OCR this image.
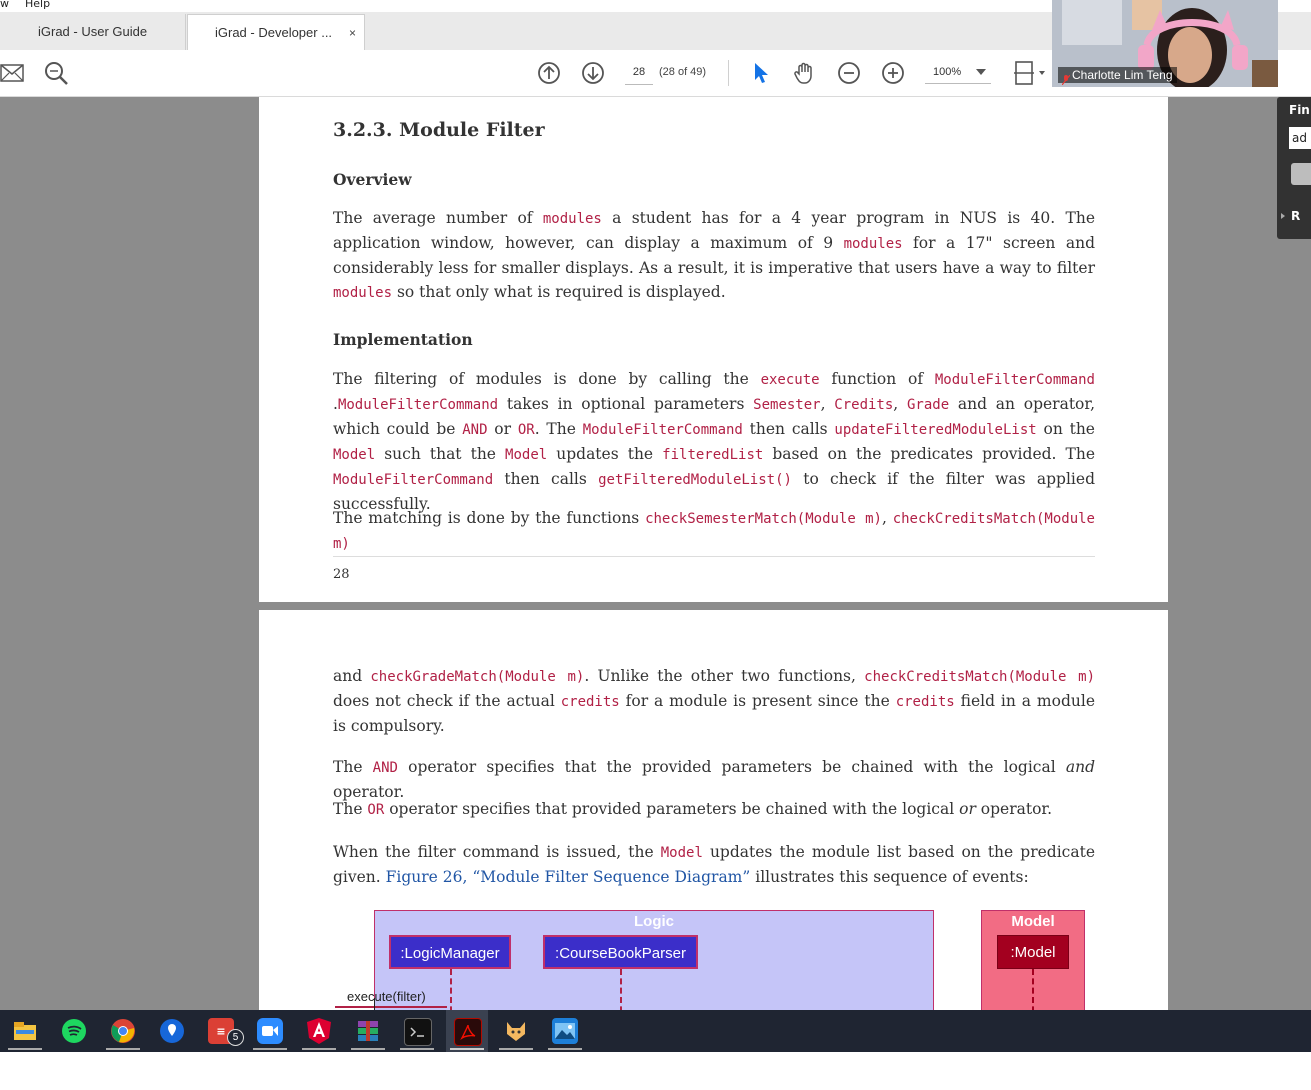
w Help
iGrad - User Guide	iGrad - Developer ... ×
28	(28 of 49)	100%
3.2.3. Module Filter
Overview
The average number of modules a student has for a 4 year program in NUS is 40. The application window, however, can display a maximum of 9 modules for a 17" screen and considerably less for smaller displays. As a result, it is imperative that users have a way to filter modules so that only what is required is displayed.
Implementation
The filtering of modules is done by calling the execute function of ModuleFilterCommand .ModuleFilterCommand takes in optional parameters Semester, Credits, Grade and an operator, which could be AND or OR. The ModuleFilterCommand then calls updateFilteredModuleList on the Model such that the Model updates the filteredList based on the predicates provided. The ModuleFilterCommand then calls getFilteredModuleList() to check if the filter was applied successfully.
The matching is done by the functions checkSemesterMatch(Module m), checkCreditsMatch(Module m)
28
and checkGradeMatch(Module m). Unlike the other two functions, checkCreditsMatch(Module m) does not check if the actual credits for a module is present since the credits field in a module is compulsory.
The AND operator specifies that the provided parameters be chained with the logical and operator.
The OR operator specifies that provided parameters be chained with the logical or operator.
When the filter command is issued, the Model updates the module list based on the predicate given. Figure 26, “Module Filter Sequence Diagram” illustrates this sequence of events:
Logic
:LogicManager	:CourseBookParser
Model
:Model
execute(filter)
Fin
ad
R
Charlotte Lim Teng
≡ 5
